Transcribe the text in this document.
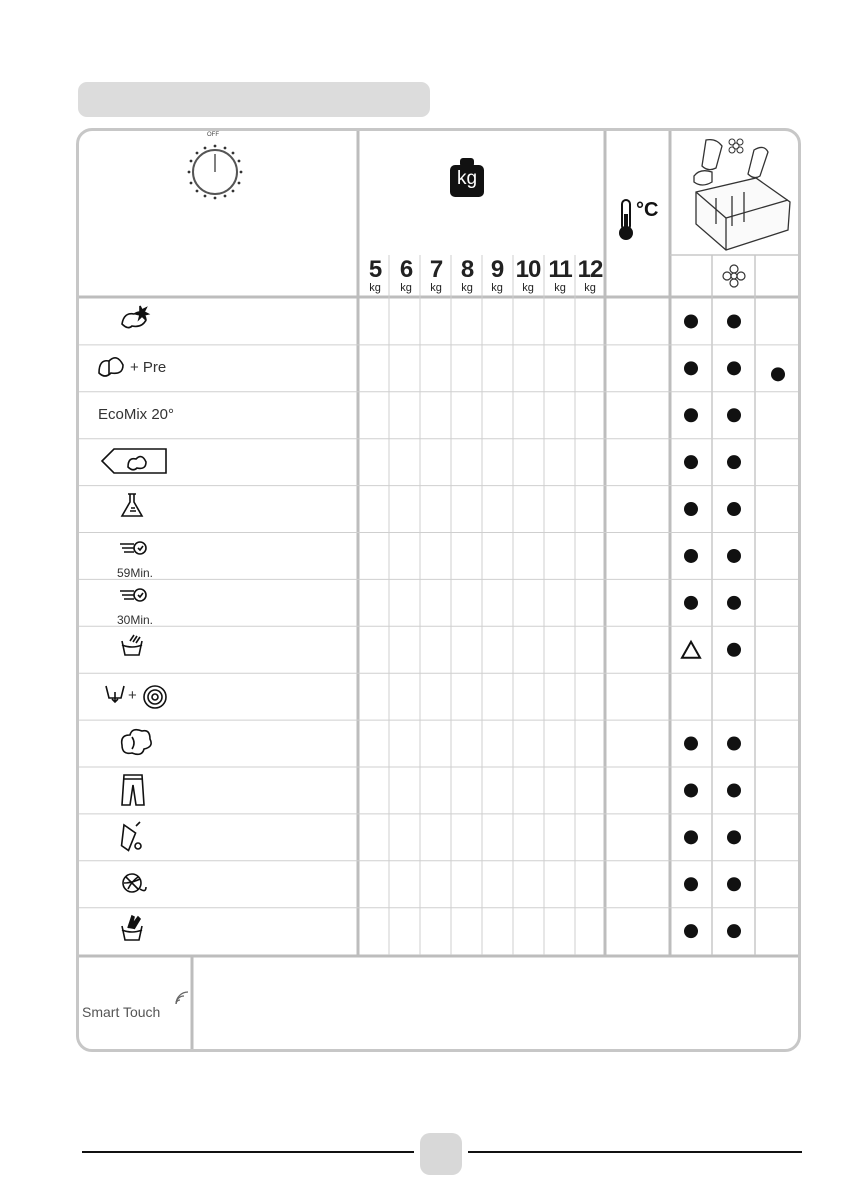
OFF
kg
5
kg
6
kg
7
kg
8
kg
9
kg
10
kg
11
kg
12
kg
°C
+ Pre
EcoMix 20°
59Min.
30Min.
+
Smart Touch
